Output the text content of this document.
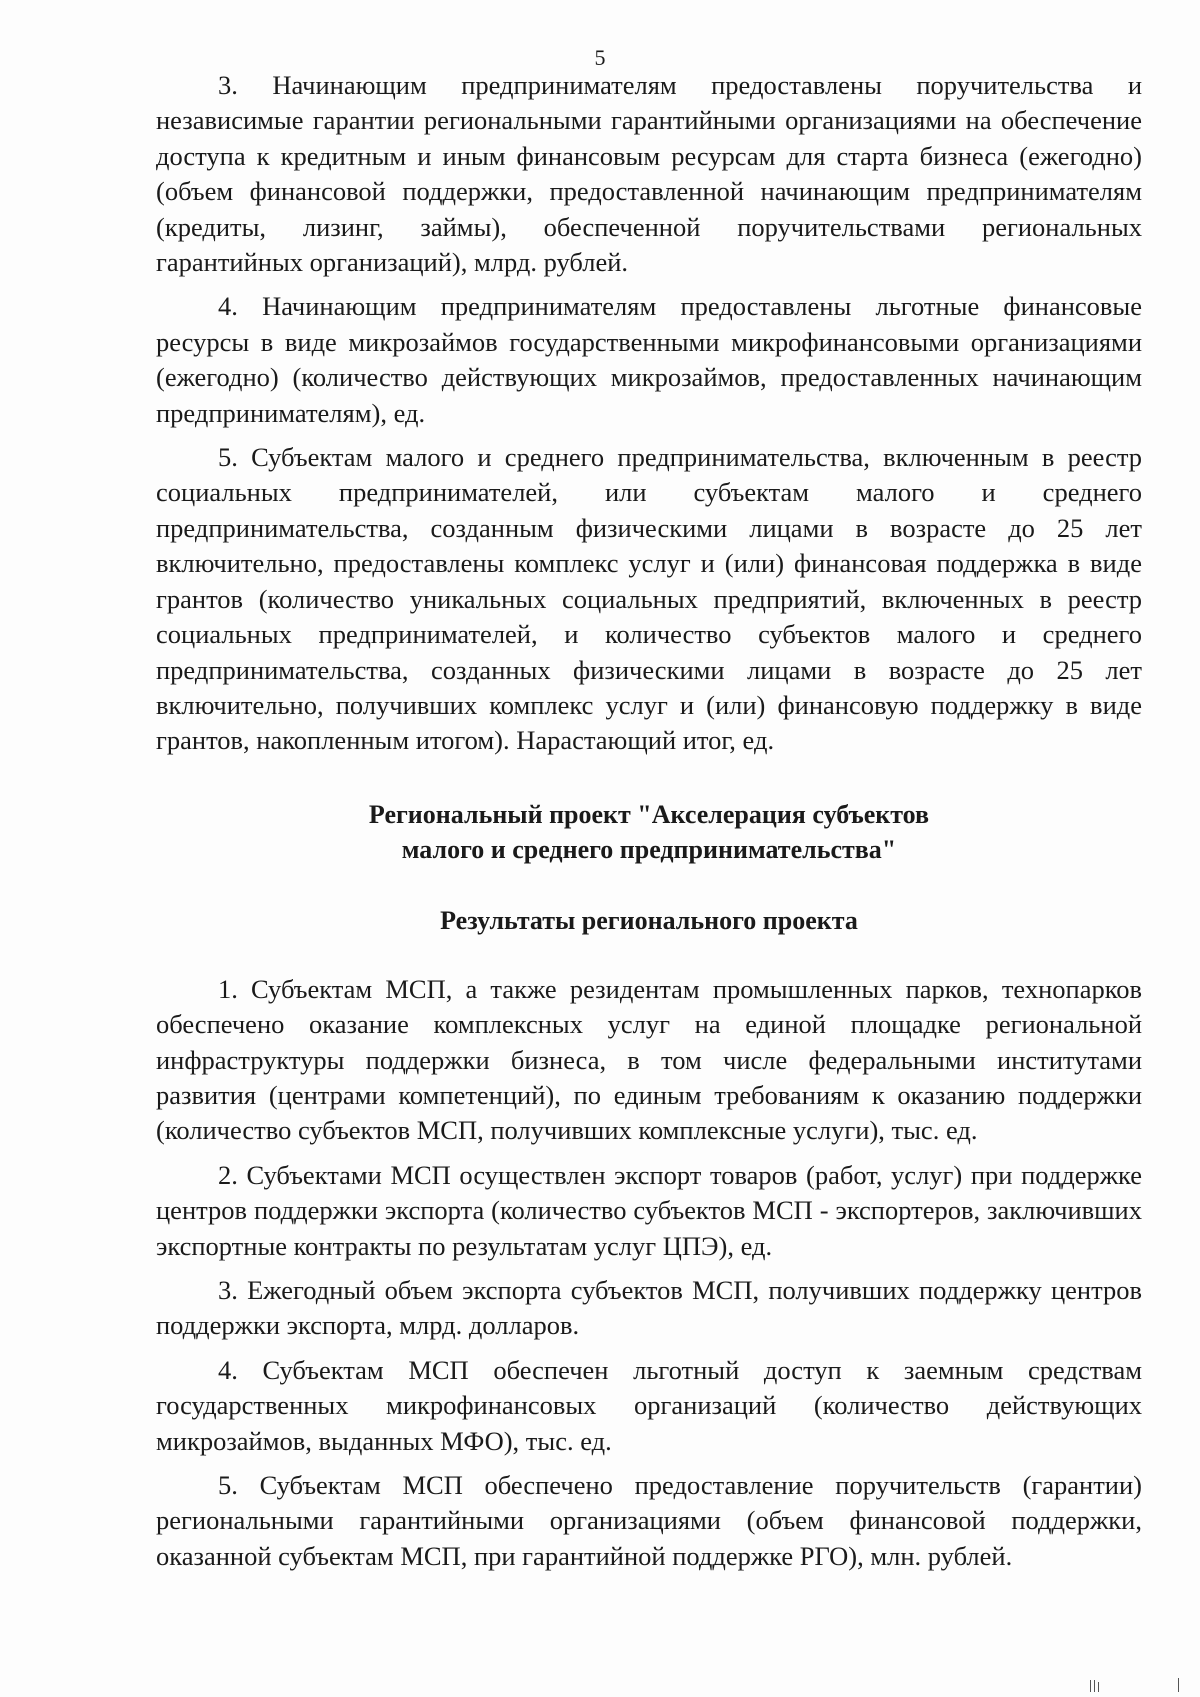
5

3. Начинающим предпринимателям предоставлены поручительства и независимые гарантии региональными гарантийными организациями на обеспечение доступа к кредитным и иным финансовым ресурсам для старта бизнеса (ежегодно) (объем финансовой поддержки, предоставленной начинающим предпринимателям (кредиты, лизинг, займы), обеспеченной поручительствами региональных гарантийных организаций), млрд. рублей.

4. Начинающим предпринимателям предоставлены льготные финансовые ресурсы в виде микрозаймов государственными микрофинансовыми организациями (ежегодно) (количество действующих микрозаймов, предоставленных начинающим предпринимателям), ед.

5. Субъектам малого и среднего предпринимательства, включенным в реестр социальных предпринимателей, или субъектам малого и среднего предпринимательства, созданным физическими лицами в возрасте до 25 лет включительно, предоставлены комплекс услуг и (или) финансовая поддержка в виде грантов (количество уникальных социальных предприятий, включенных в реестр социальных предпринимателей, и количество субъектов малого и среднего предпринимательства, созданных физическими лицами в возрасте до 25 лет включительно, получивших комплекс услуг и (или) финансовую поддержку в виде грантов, накопленным итогом). Нарастающий итог, ед.

Региональный проект "Акселерация субъектов
малого и среднего предпринимательства"
Результаты регионального проекта

1. Субъектам МСП, а также резидентам промышленных парков, технопарков обеспечено оказание комплексных услуг на единой площадке региональной инфраструктуры поддержки бизнеса, в том числе федеральными институтами развития (центрами компетенций), по единым требованиям к оказанию поддержки (количество субъектов МСП, получивших комплексные услуги), тыс. ед.

2. Субъектами МСП осуществлен экспорт товаров (работ, услуг) при поддержке центров поддержки экспорта (количество субъектов МСП - экспортеров, заключивших экспортные контракты по результатам услуг ЦПЭ), ед.

3. Ежегодный объем экспорта субъектов МСП, получивших поддержку центров поддержки экспорта, млрд. долларов.

4. Субъектам МСП обеспечен льготный доступ к заемным средствам государственных микрофинансовых организаций (количество действующих микрозаймов, выданных МФО), тыс. ед.

5. Субъектам МСП обеспечено предоставление поручительств (гарантии) региональными гарантийными организациями (объем финансовой поддержки, оказанной субъектам МСП, при гарантийной поддержке РГО), млн. рублей.
